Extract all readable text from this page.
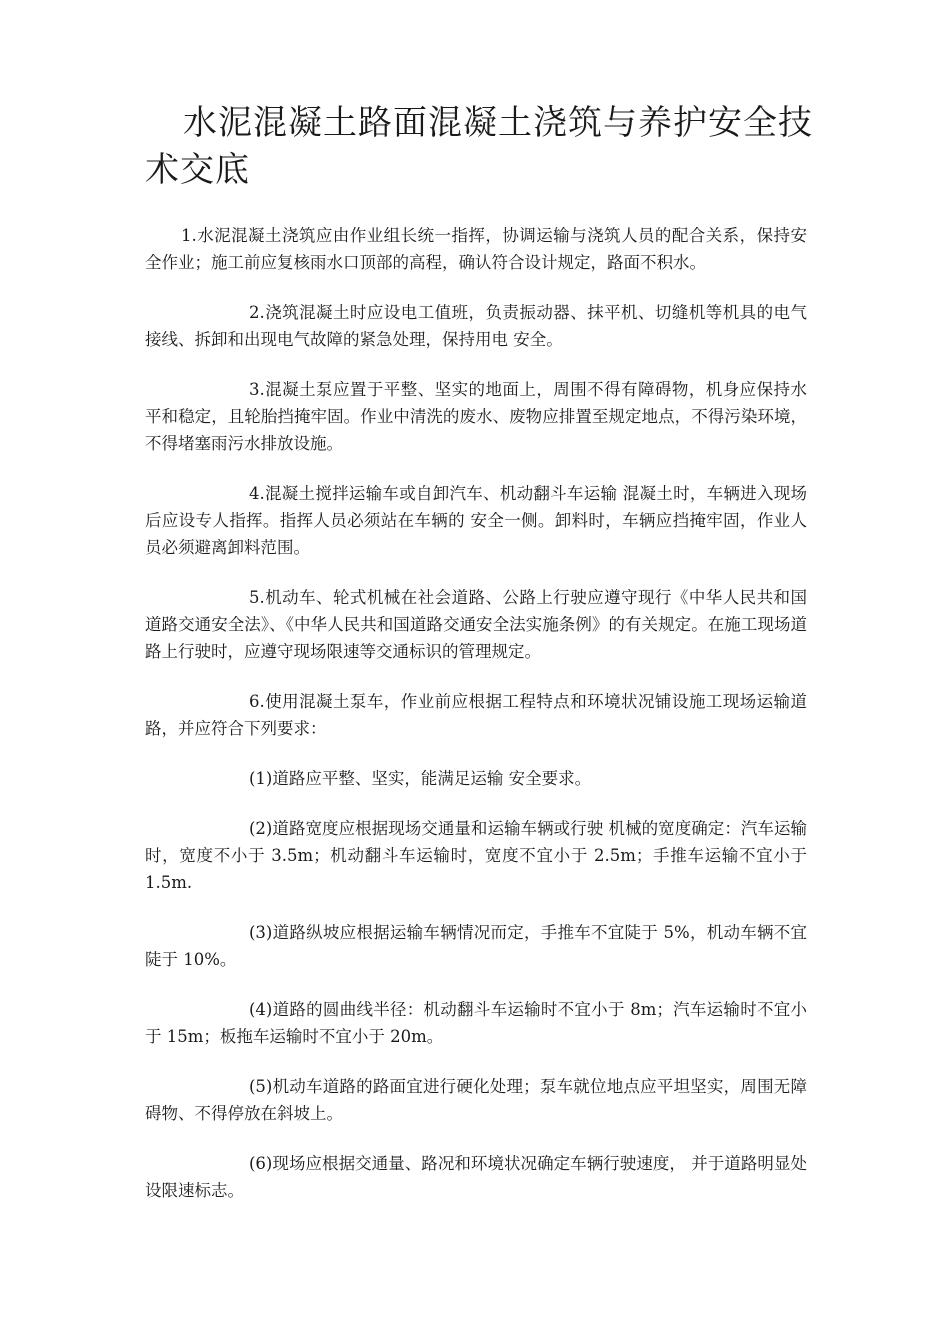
水泥混凝土路面混凝土浇筑与养护安全技术交底

1.水泥混凝土浇筑应由作业组长统一指挥，协调运输与浇筑人员的配合关系，保持安全作业；施工前应复核雨水口顶部的高程，确认符合设计规定，路面不积水。

2.浇筑混凝土时应设电工值班，负责振动器、抹平机、切缝机等机具的电气接线、拆卸和出现电气故障的紧急处理，保持用电 安全。

3.混凝土泵应置于平整、坚实的地面上，周围不得有障碍物，机身应保持水平和稳定，且轮胎挡掩牢固。作业中清洗的废水、废物应排置至规定地点，不得污染环境，不得堵塞雨污水排放设施。

4.混凝土搅拌运输车或自卸汽车、机动翻斗车运输 混凝土时，车辆进入现场后应设专人指挥。指挥人员必须站在车辆的 安全一侧。卸料时，车辆应挡掩牢固，作业人员必须避离卸料范围。

5.机动车、轮式机械在社会道路、公路上行驶应遵守现行《中华人民共和国道路交通安全法》、《中华人民共和国道路交通安全法实施条例》的有关规定。在施工现场道路上行驶时，应遵守现场限速等交通标识的管理规定。

6.使用混凝土泵车，作业前应根据工程特点和环境状况铺设施工现场运输道路，并应符合下列要求：

(1)道路应平整、坚实，能满足运输 安全要求。

(2)道路宽度应根据现场交通量和运输车辆或行驶 机械的宽度确定：汽车运输时，宽度不小于 3.5m；机动翻斗车运输时，宽度不宜小于 2.5m；手推车运输不宜小于 1.5m.

(3)道路纵坡应根据运输车辆情况而定，手推车不宜陡于 5%，机动车辆不宜陡于 10%。

(4)道路的圆曲线半径：机动翻斗车运输时不宜小于 8m；汽车运输时不宜小于 15m；板拖车运输时不宜小于 20m。

(5)机动车道路的路面宜进行硬化处理；泵车就位地点应平坦坚实，周围无障碍物、不得停放在斜坡上。

(6)现场应根据交通量、路况和环境状况确定车辆行驶速度， 并于道路明显处设限速标志。
